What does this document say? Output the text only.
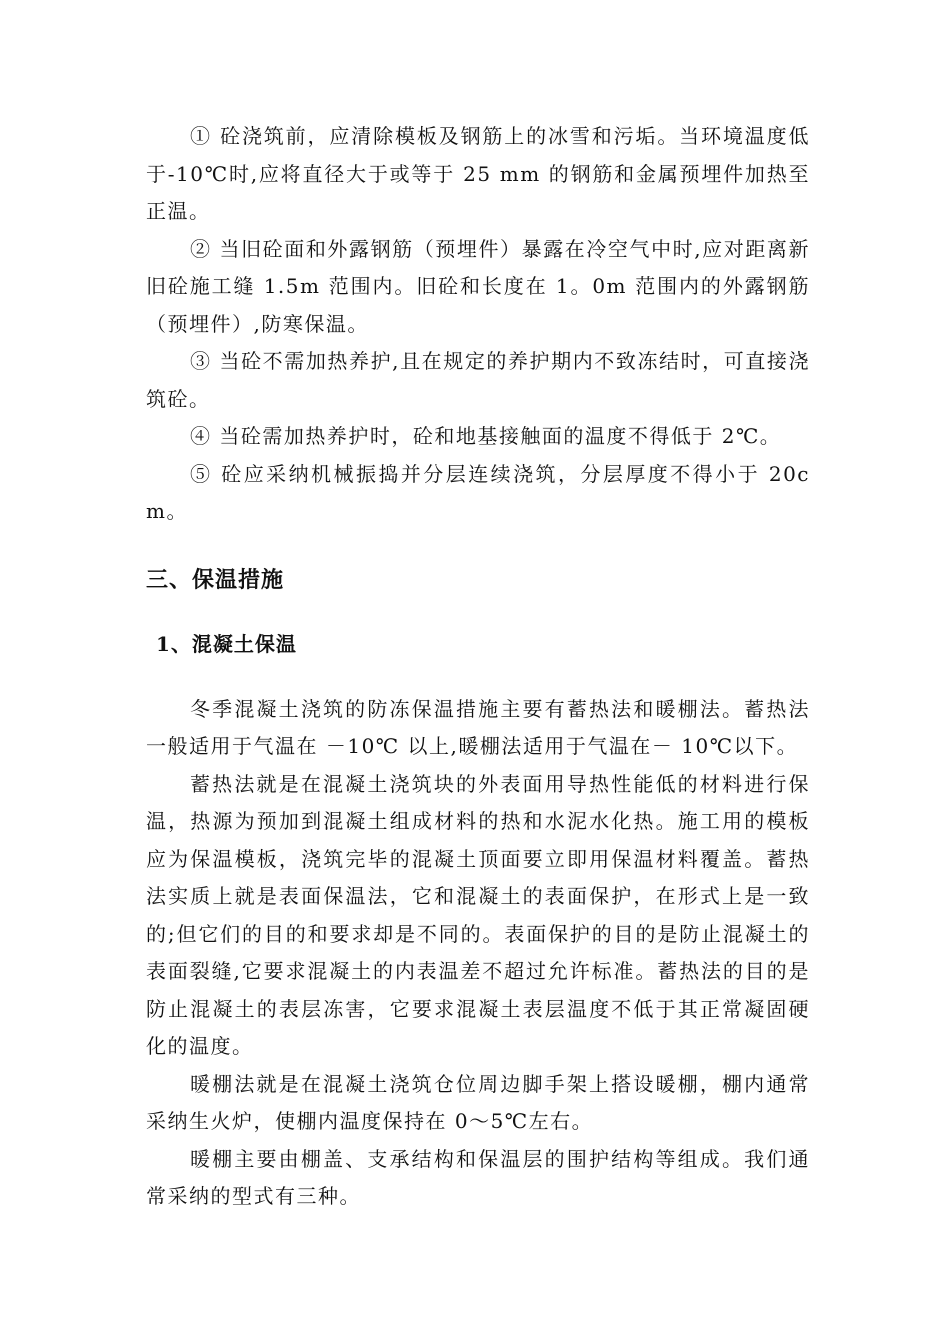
① 砼浇筑前，应清除模板及钢筋上的冰雪和污垢。当环境温度低于-10℃时,应将直径大于或等于 25 mm 的钢筋和金属预埋件加热至正温。

② 当旧砼面和外露钢筋（预埋件）暴露在冷空气中时,应对距离新旧砼施工缝 1.5m 范围内。旧砼和长度在 1。0m 范围内的外露钢筋（预埋件）,防寒保温。

③ 当砼不需加热养护,且在规定的养护期内不致冻结时，可直接浇筑砼。

④ 当砼需加热养护时，砼和地基接触面的温度不得低于 2℃。

⑤ 砼应采纳机械振捣并分层连续浇筑，分层厚度不得小于 20cm。

三、保温措施
1、混凝土保温

冬季混凝土浇筑的防冻保温措施主要有蓄热法和暖棚法。蓄热法一般适用于气温在 －10℃ 以上,暖棚法适用于气温在－ 10℃以下。

蓄热法就是在混凝土浇筑块的外表面用导热性能低的材料进行保温，热源为预加到混凝土组成材料的热和水泥水化热。施工用的模板应为保温模板，浇筑完毕的混凝土顶面要立即用保温材料覆盖。蓄热法实质上就是表面保温法，它和混凝土的表面保护，在形式上是一致的;但它们的目的和要求却是不同的。表面保护的目的是防止混凝土的表面裂缝,它要求混凝土的内表温差不超过允许标准。蓄热法的目的是防止混凝土的表层冻害，它要求混凝土表层温度不低于其正常凝固硬化的温度。

暖棚法就是在混凝土浇筑仓位周边脚手架上搭设暖棚，棚内通常采纳生火炉，使棚内温度保持在 0～5℃左右。

暖棚主要由棚盖、支承结构和保温层的围护结构等组成。我们通常采纳的型式有三种。
